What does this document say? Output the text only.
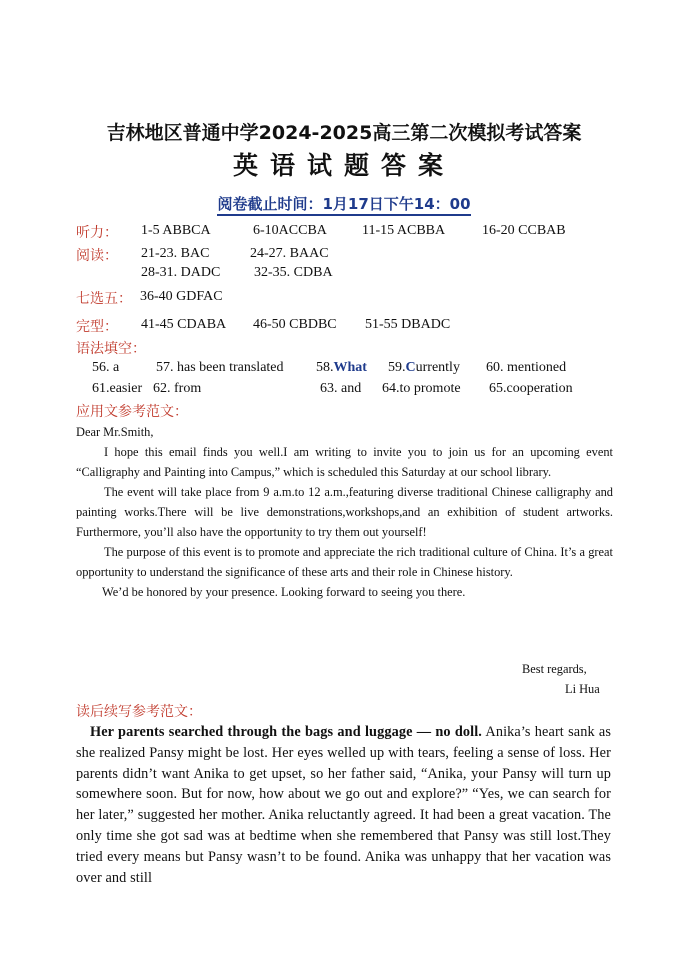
吉林地区普通中学2024-2025高三第二次模拟考试答案
英语试题答案
阅卷截止时间：1月17日下午14：00
听力： 1-5 ABBCA	6-10ACCBA	11-15 ACBBA	16-20 CCBAB
阅读： 21-23. BAC	24-27. BAAC
28-31. DADC 32-35. CDBA
七选五： 36-40 GDFAC
完型： 41-45 CDABA 46-50 CBDBC 51-55 DBADC
语法填空：
56. a	57. has been translated 58.What 59.Currently 60. mentioned
61.easier 62. from	63. and 64.to promote 65.cooperation
应用文参考范文：

Dear Mr.Smith,

I hope this email finds you well.I am writing to invite you to join us for an upcoming event “Calligraphy and Painting into Campus,” which is scheduled this Saturday at our school library.

The event will take place from 9 a.m.to 12 a.m.,featuring diverse traditional Chinese calligraphy and painting works.There will be live demonstrations,workshops,and an exhibition of student artworks. Furthermore, you’ll also have the opportunity to try them out yourself!

The purpose of this event is to promote and appreciate the rich traditional culture of China. It’s a great opportunity to understand the significance of these arts and their role in Chinese history.

We’d be honored by your presence. Looking forward to seeing you there.

Best regards,
Li Hua
读后续写参考范文：

Her parents searched through the bags and luggage — no doll. Anika’s heart sank as she realized Pansy might be lost. Her eyes welled up with tears, feeling a sense of loss. Her parents didn’t want Anika to get upset, so her father said, “Anika, your Pansy will turn up somewhere soon. But for now, how about we go out and explore?” “Yes, we can search for her later,” suggested her mother. Anika reluctantly agreed. It had been a great vacation. The only time she got sad was at bedtime when she remembered that Pansy was still lost.They tried every means but Pansy wasn’t to be found. Anika was unhappy that her vacation was over and still
